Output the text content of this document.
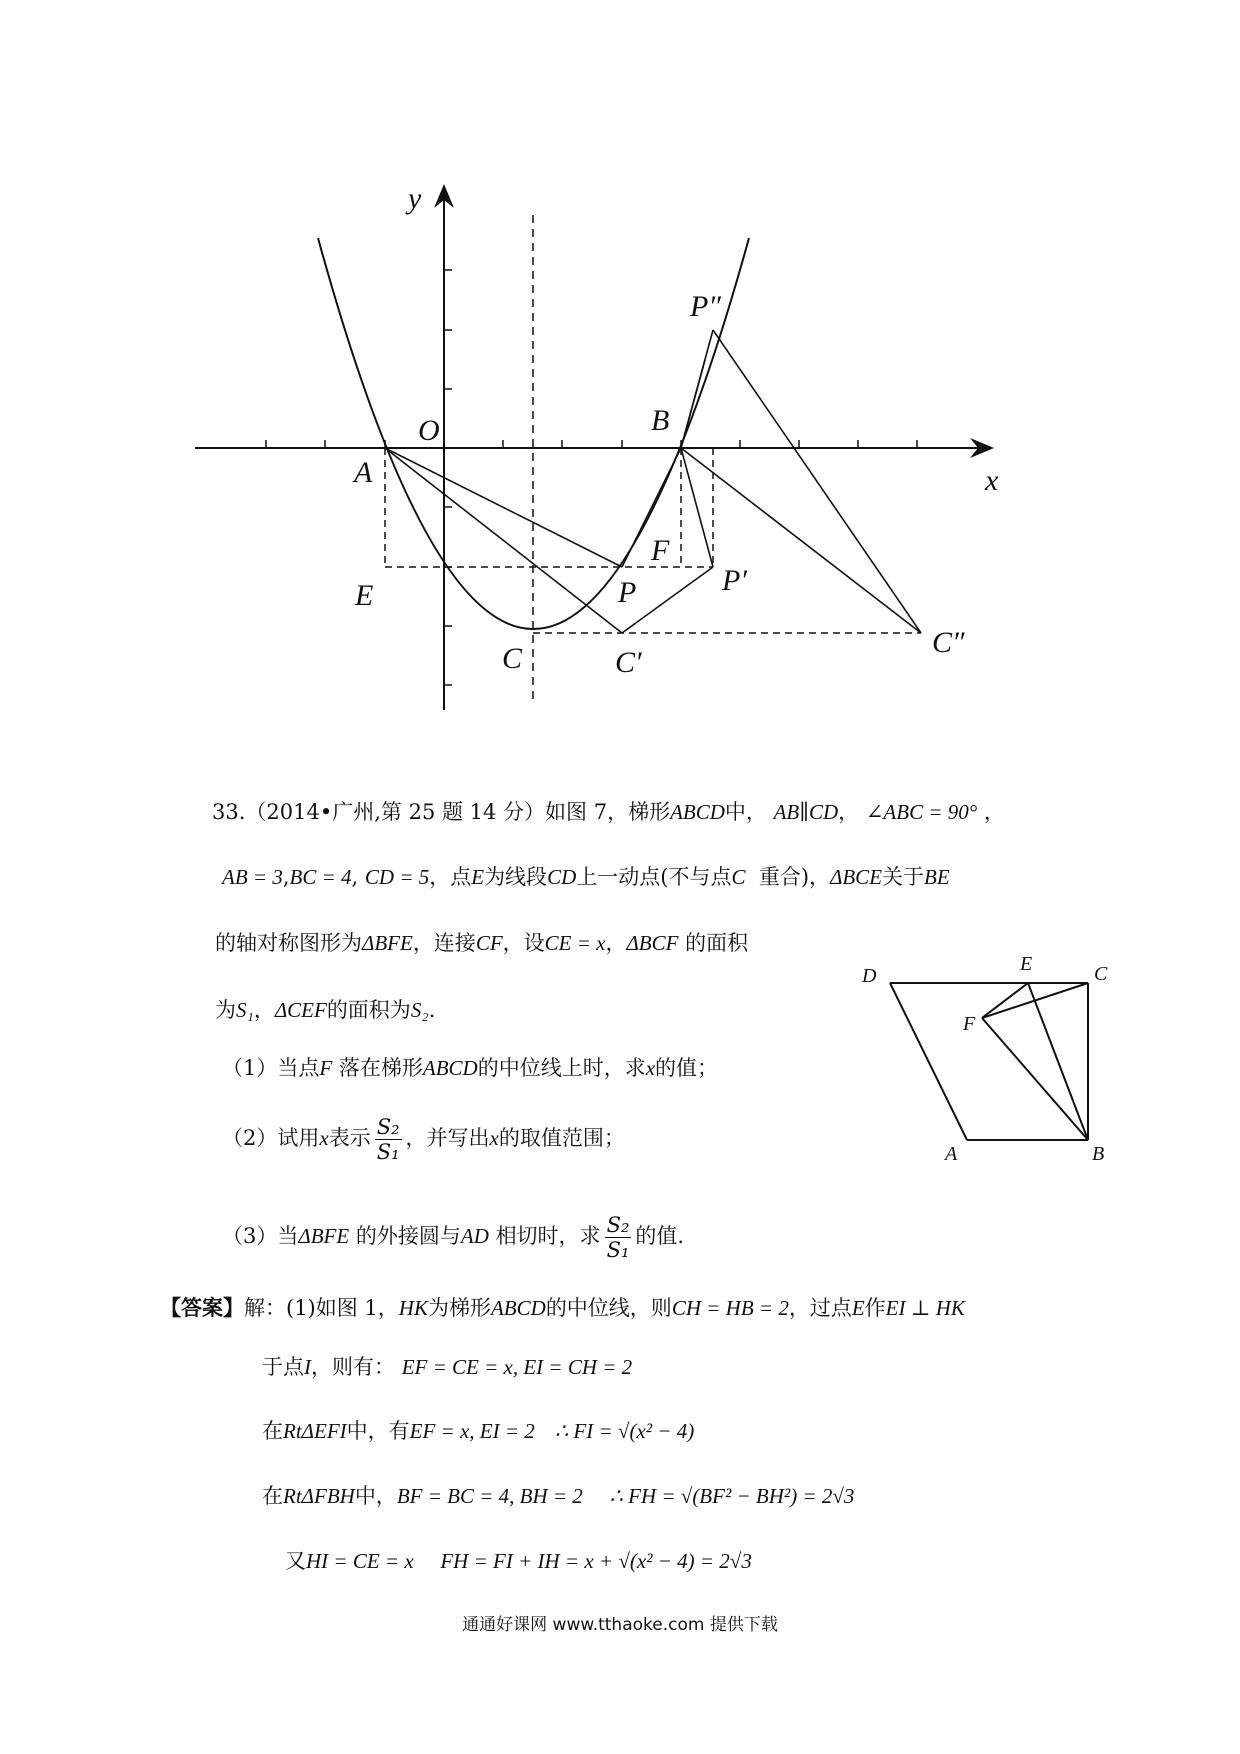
y
x
O
A
B
E
F
P	P′
P″
C	C′
C″
33.（2014•广州,第 25 题 14 分）如图 7，梯形ABCD中， AB∥CD， ∠ABC = 90° ，
AB = 3,BC = 4, CD = 5，点E为线段CD上一动点(不与点C 重合)，ΔBCE关于BE
的轴对称图形为ΔBFE，连接CF，设CE = x，ΔBCF 的面积
为S₁，ΔCEF的面积为S₂.
（1）当点F 落在梯形ABCD的中位线上时，求x的值；
（2）试用x表示 $\frac{\text{S₂}}{\text{S₁}}$ ，并写出x的取值范围；
（3）当ΔBFE 的外接圆与AD 相切时，求 $\frac{\text{S₂}}{\text{S₁}}$ 的值.
D
E	C
F
A	B
【答案】解：(1)如图 1，HK为梯形ABCD的中位线，则CH = HB = 2，过点E作EI ⊥ HK
于点I，则有： EF = CE = x, EI = CH = 2
在RtΔEFI中，有EF = x, EI = 2 ∴ FI = √(x² − 4)
在RtΔFBH中，BF = BC = 4, BH = 2 ∴ FH = √(BF² − BH²) = 2√3
又HI = CE = x FH = FI + IH = x + √(x² − 4) = 2√3
通通好课网 www.tthaoke.com 提供下载
